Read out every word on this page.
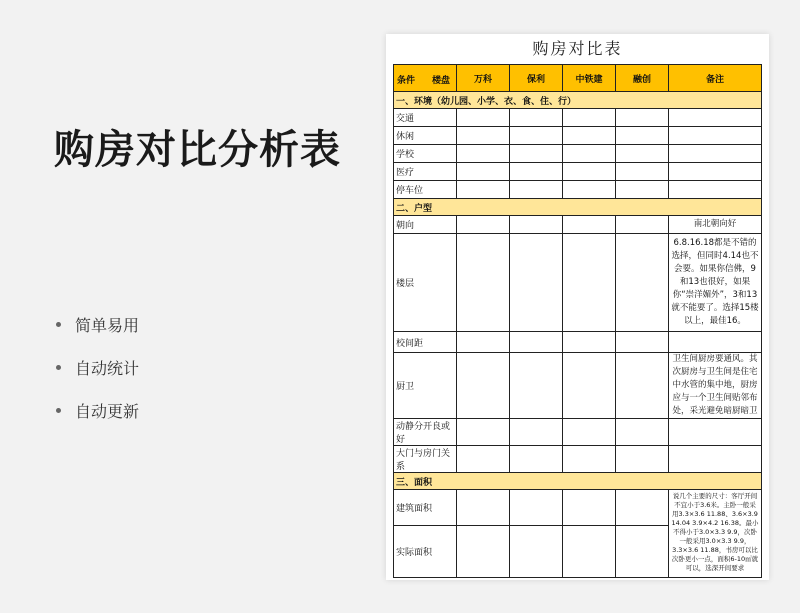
购房对比分析表
简单易用
自动统计
自动更新
购房对比表
条件 楼盘	万科	保利	中铁建	融创	备注
一、环境（幼儿园、小学、衣、食、住、行）					
交通					
休闲					
学校					
医疗					
停车位					
二、户型					
朝向					南北朝向好
楼层					6.8.16.18都是不错的选择，但同时4.14也不会要。如果你信佛，9和13也很好，如果你“崇洋媚外”，3和13就不能要了。选择15楼以上，最佳16。
校间距					
厨卫					卫生间厨房要通风。其次厨房与卫生间是住宅中水管的集中地，厨房应与一个卫生间贴邻布处，采光避免暗厨暗卫
动静分开良或好					
大门与房门关系					
三、面积					
建筑面积					说几个主要的尺寸：客厅开间不宜小于3.6米。主卧一般采用3.3×3.6 11.88、3.6×3.9 14.04 3.9×4.2 16.38。最小不得小于3.0×3.3 9.9，次卧一般采用3.0×3.3 9.9，3.3×3.6 11.88，书房可以比次卧更小一点，面积6-10㎡就可以，选深开间要求
实际面积					
